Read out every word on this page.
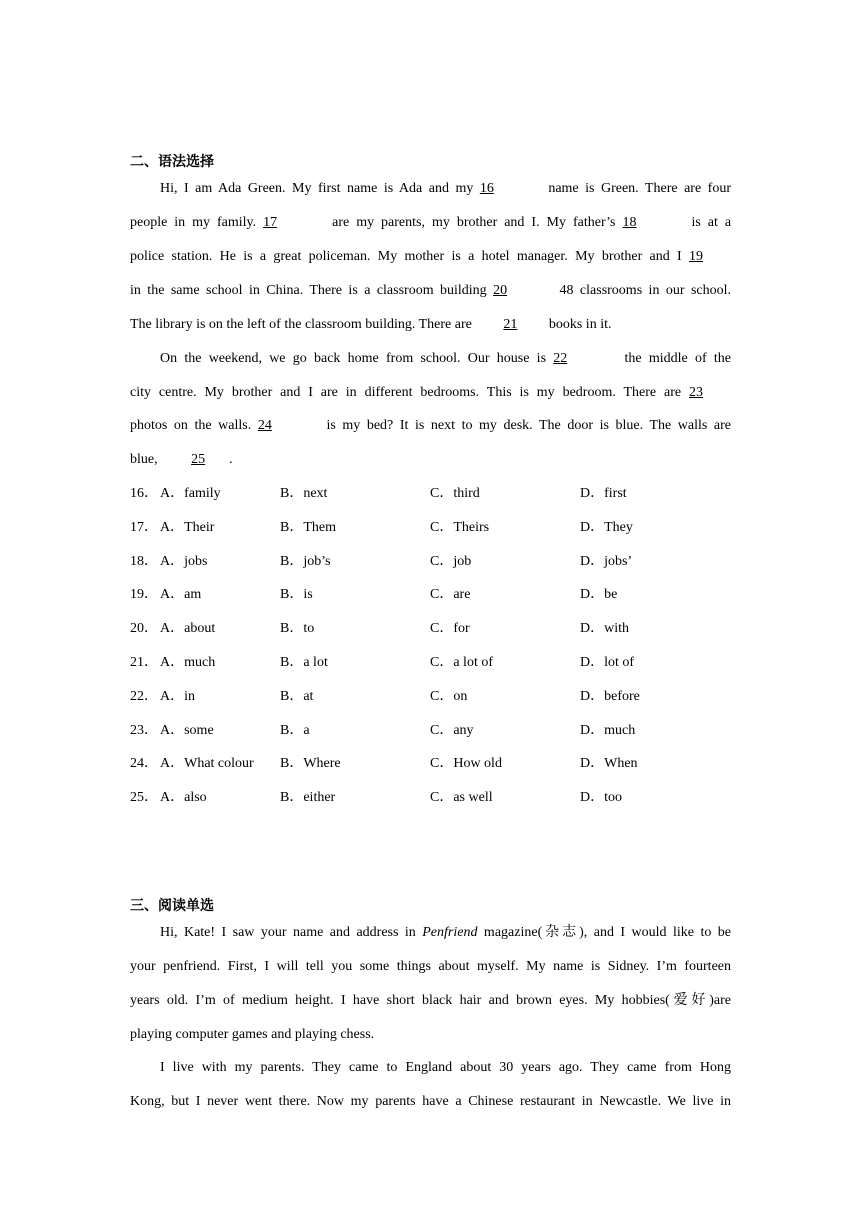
二、语法选择
Hi, I am Ada Green. My first name is Ada and my 16	name is Green. There are four
people in my family. 17	are my parents, my brother and I. My father’s 18	is at a
police station. He is a great policeman. My mother is a hotel manager. My brother and I 19
in the same school in China. There is a classroom building 20	48 classrooms in our school.
The library is on the left of the classroom building. There are 21 books in it.
On the weekend, we go back home from school. Our house is 22	the middle of the
city centre. My brother and I are in different bedrooms. This is my bedroom. There are 23
photos on the walls. 24	is my bed? It is next to my desk. The door is blue. The walls are
blue, 25 .
16． A．family	B．next	C．third	D．first
17． A．Their	B．Them	C．Theirs	D．They
18． A．jobs	B．job’s	C．job	D．jobs’
19． A．am	B．is	C．are	D．be
20． A．about	B．to	C．for	D．with
21． A．much	B．a lot	C．a lot of	D．lot of
22． A．in	B．at	C．on	D．before
23． A．some	B．a	C．any	D．much
24． A．What colour B．Where	C．How old	D．When
25． A．also	B．either	C．as well	D．too
三、阅读单选
Hi, Kate! I saw your name and address in Penfriend magazine(杂志), and I would like to be
your penfriend. First, I will tell you some things about myself. My name is Sidney. I’m fourteen
years old. I’m of medium height. I have short black hair and brown eyes. My hobbies(爱好)are
playing computer games and playing chess.
I live with my parents. They came to England about 30 years ago. They came from Hong
Kong, but I never went there. Now my parents have a Chinese restaurant in Newcastle. We live in
